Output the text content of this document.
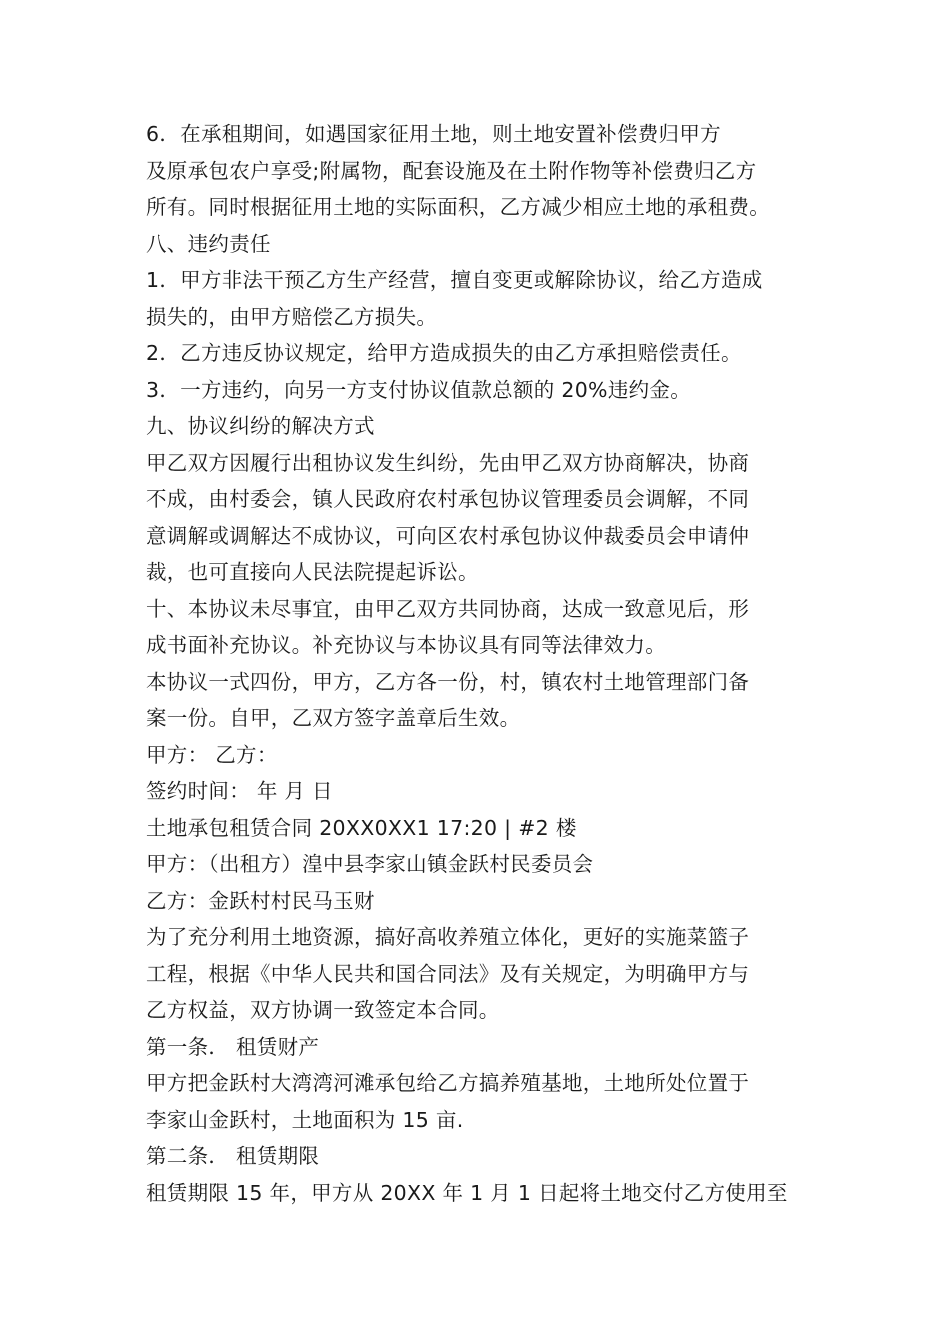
6．在承租期间，如遇国家征用土地，则土地安置补偿费归甲方
及原承包农户享受;附属物，配套设施及在土附作物等补偿费归乙方
所有。同时根据征用土地的实际面积，乙方减少相应土地的承租费。
八、违约责任
1．甲方非法干预乙方生产经营，擅自变更或解除协议，给乙方造成
损失的，由甲方赔偿乙方损失。
2．乙方违反协议规定，给甲方造成损失的由乙方承担赔偿责任。
3．一方违约，向另一方支付协议值款总额的 20%违约金。
九、协议纠纷的解决方式
甲乙双方因履行出租协议发生纠纷，先由甲乙双方协商解决，协商
不成，由村委会，镇人民政府农村承包协议管理委员会调解，不同
意调解或调解达不成协议，可向区农村承包协议仲裁委员会申请仲
裁，也可直接向人民法院提起诉讼。
十、本协议未尽事宜，由甲乙双方共同协商，达成一致意见后，形
成书面补充协议。补充协议与本协议具有同等法律效力。
本协议一式四份，甲方，乙方各一份，村，镇农村土地管理部门备
案一份。自甲，乙双方签字盖章后生效。
甲方： 乙方：
签约时间： 年 月 日
土地承包租赁合同 20XX0XX1 17:20 | #2 楼
甲方：（出租方）湟中县李家山镇金跃村民委员会
乙方：金跃村村民马玉财
为了充分利用土地资源，搞好高收养殖立体化，更好的实施菜篮子
工程，根据《中华人民共和国合同法》及有关规定，为明确甲方与
乙方权益，双方协调一致签定本合同。
第一条． 租赁财产
甲方把金跃村大湾湾河滩承包给乙方搞养殖基地，土地所处位置于
李家山金跃村，土地面积为 15 亩.
第二条． 租赁期限
租赁期限 15 年，甲方从 20XX 年 1 月 1 日起将土地交付乙方使用至
